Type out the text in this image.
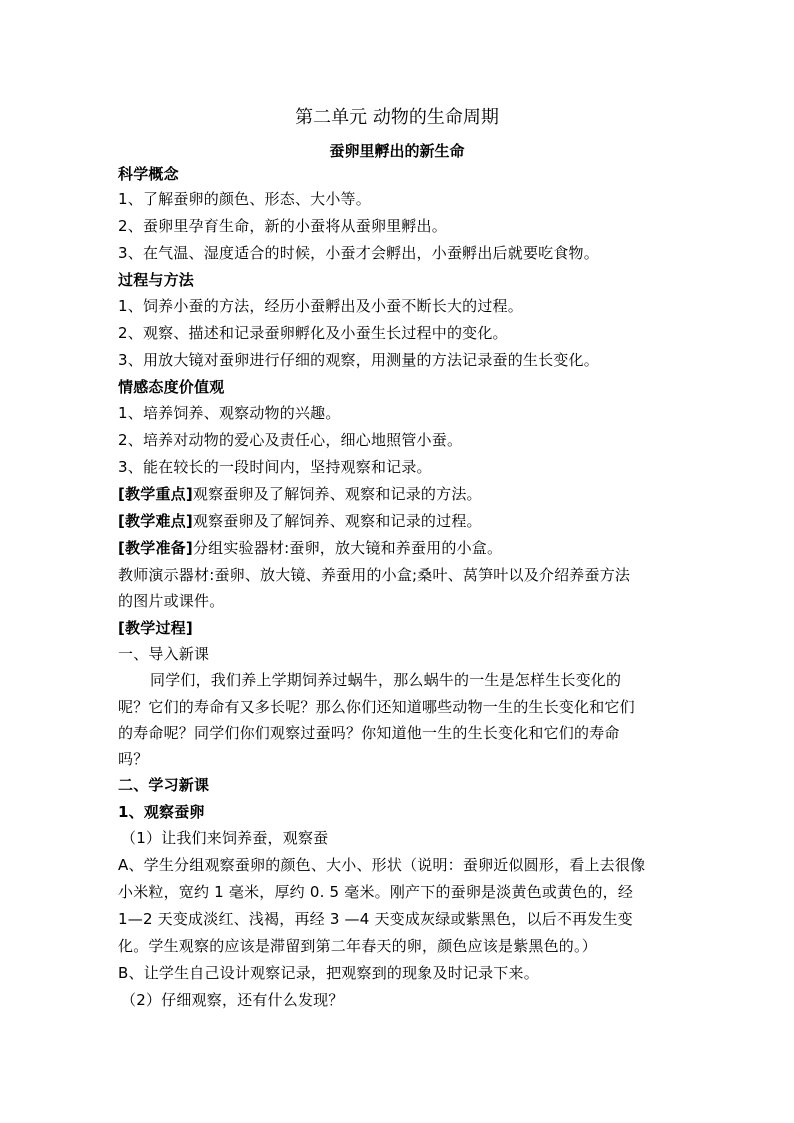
第二单元 动物的生命周期
蚕卵里孵出的新生命
科学概念
1、了解蚕卵的颜色、形态、大小等。
2、蚕卵里孕育生命，新的小蚕将从蚕卵里孵出。
3、在气温、湿度适合的时候，小蚕才会孵出，小蚕孵出后就要吃食物。
过程与方法
1、饲养小蚕的方法，经历小蚕孵出及小蚕不断长大的过程。
2、观察、描述和记录蚕卵孵化及小蚕生长过程中的变化。
3、用放大镜对蚕卵进行仔细的观察，用测量的方法记录蚕的生长变化。
情感态度价值观
1、培养饲养、观察动物的兴趣。
2、培养对动物的爱心及责任心，细心地照管小蚕。
3、能在较长的一段时间内，坚持观察和记录。
[教学重点]观察蚕卵及了解饲养、观察和记录的方法。
[教学难点]观察蚕卵及了解饲养、观察和记录的过程。
[教学准备]分组实验器材:蚕卵，放大镜和养蚕用的小盒。
教师演示器材:蚕卵、放大镜、养蚕用的小盒;桑叶、莴笋叶以及介绍养蚕方法
的图片或课件。
[教学过程]
一、导入新课
同学们，我们养上学期饲养过蜗牛，那么蜗牛的一生是怎样生长变化的
呢？它们的寿命有又多长呢？那么你们还知道哪些动物一生的生长变化和它们
的寿命呢？同学们你们观察过蚕吗？你知道他一生的生长变化和它们的寿命
吗？
二、学习新课
1、观察蚕卵
（1）让我们来饲养蚕，观察蚕
A、学生分组观察蚕卵的颜色、大小、形状（说明：蚕卵近似圆形，看上去很像
小米粒，宽约 1 毫米，厚约 0. 5 毫米。刚产下的蚕卵是淡黄色或黄色的，经
1—2 天变成淡红、浅褐，再经 3 —4 天变成灰绿或紫黑色，以后不再发生变
化。学生观察的应该是滞留到第二年春天的卵，颜色应该是紫黑色的。）
B、让学生自己设计观察记录，把观察到的现象及时记录下来。
（2）仔细观察，还有什么发现？
